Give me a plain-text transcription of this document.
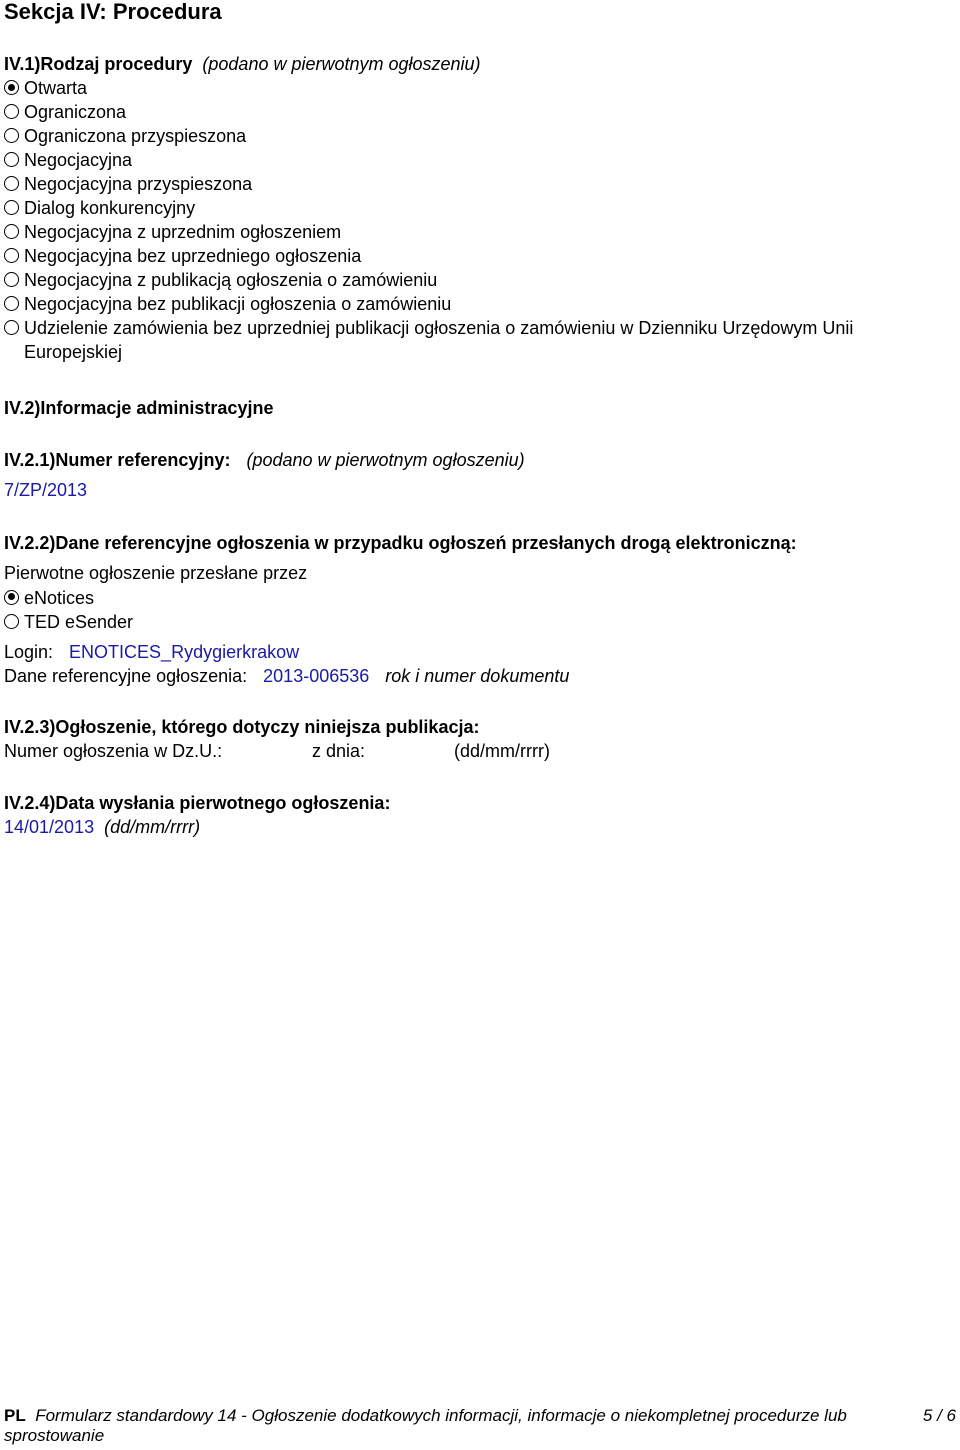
Sekcja IV: Procedura
IV.1)Rodzaj procedury (podano w pierwotnym ogłoszeniu)
Otwarta
Ograniczona
Ograniczona przyspieszona
Negocjacyjna
Negocjacyjna przyspieszona
Dialog konkurencyjny
Negocjacyjna z uprzednim ogłoszeniem
Negocjacyjna bez uprzedniego ogłoszenia
Negocjacyjna z publikacją ogłoszenia o zamówieniu
Negocjacyjna bez publikacji ogłoszenia o zamówieniu
Udzielenie zamówienia bez uprzedniej publikacji ogłoszenia o zamówieniu w Dzienniku Urzędowym Unii Europejskiej
IV.2)Informacje administracyjne
IV.2.1)Numer referencyjny: (podano w pierwotnym ogłoszeniu)
7/ZP/2013
IV.2.2)Dane referencyjne ogłoszenia w przypadku ogłoszeń przesłanych drogą elektroniczną:
Pierwotne ogłoszenie przesłane przez
eNotices
TED eSender
Login: ENOTICES_Rydygierkrakow
Dane referencyjne ogłoszenia: 2013-006536 rok i numer dokumentu
IV.2.3)Ogłoszenie, którego dotyczy niniejsza publikacja:
Numer ogłoszenia w Dz.U.:	z dnia:	(dd/mm/rrrr)
IV.2.4)Data wysłania pierwotnego ogłoszenia:
14/01/2013 (dd/mm/rrrr)
PL Formularz standardowy 14 - Ogłoszenie dodatkowych informacji, informacje o niekompletnej procedurze lub sprostowanie
5 / 6
